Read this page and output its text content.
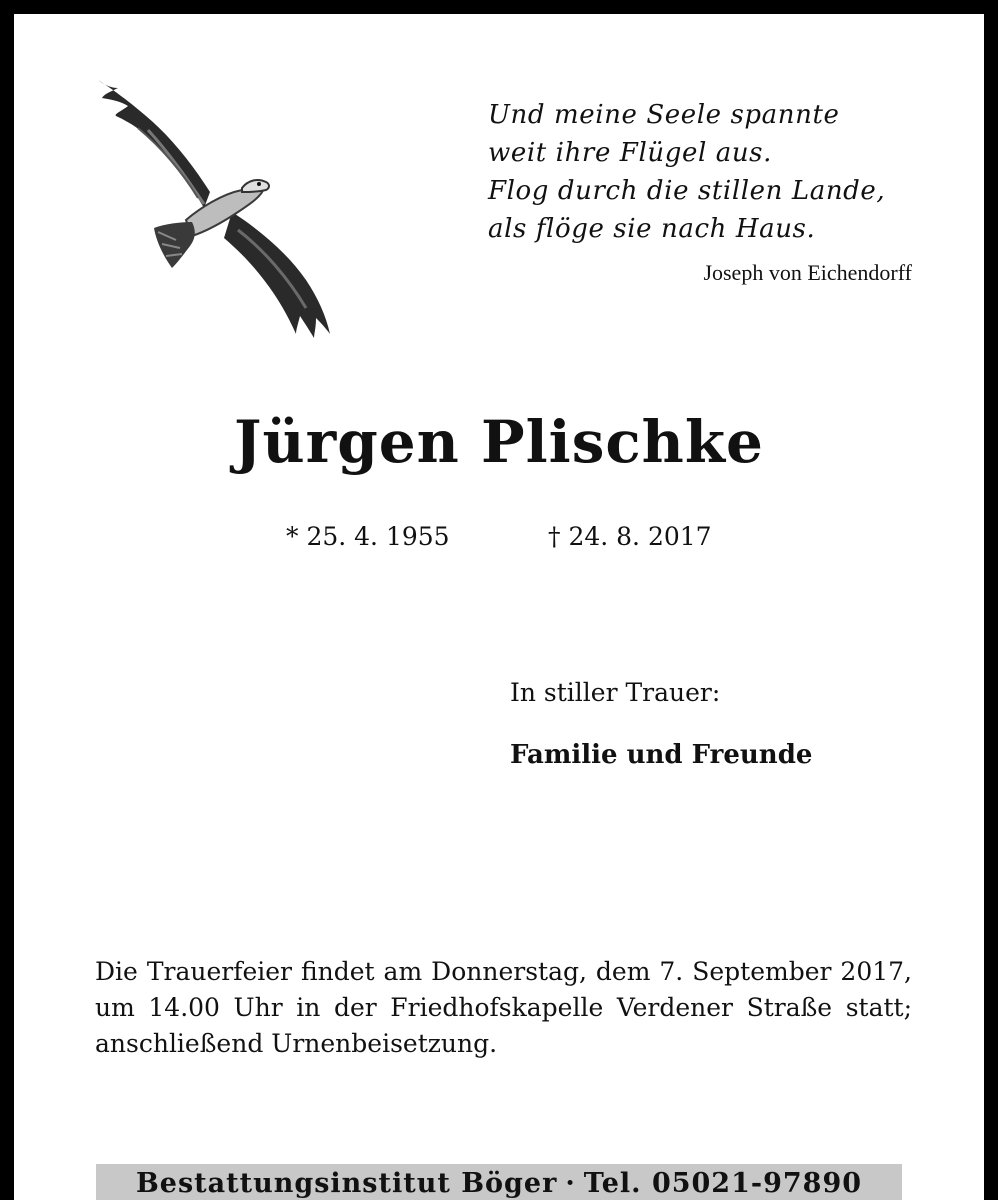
Und meine Seele spannte
weit ihre Flügel aus.
Flog durch die stillen Lande,
als flöge sie nach Haus.
Joseph von Eichendorff
Jürgen Plischke
* 25. 4. 1955	† 24. 8. 2017
In stiller Trauer:
Familie und Freunde
Die Trauerfeier findet am Donnerstag, dem 7. September 2017, um 14.00 Uhr in der Friedhofskapelle Verdener Straße statt; anschließend Urnenbeisetzung.
Bestattungsinstitut Böger · Tel. 05021-97890
